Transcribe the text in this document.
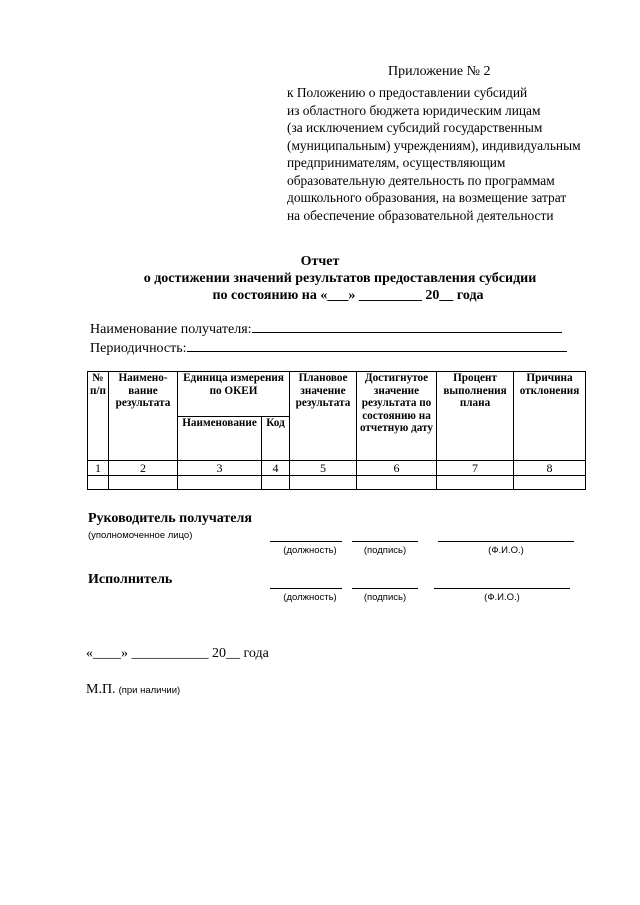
Приложение № 2
к Положению о предоставлении субсидий
из областного бюджета юридическим лицам
(за исключением субсидий государственным
(муниципальным) учреждениям), индивидуальным
предпринимателям, осуществляющим
образовательную деятельность по программам
дошкольного образования, на возмещение затрат
на обеспечение образовательной деятельности
Отчет
о достижении значений результатов предоставления субсидии
по состоянию на «___» _________ 20__ года
Наименование получателя:
Периодичность:
№ п/п	Наимено-вание результата	Единица измерения по ОКЕИ		Плановое значение результата	Достигнутое значение результата по состоянию на отчетную дату	Процент выполнения плана	Причина отклонения
		Наименование	Код				
1	2	3	4	5	6	7	8

Руководитель получателя
(уполномоченное лицо)
(должность)	(подпись)	(Ф.И.О.)
Исполнитель
(должность)	(подпись)	(Ф.И.О.)
«____» ___________ 20__ года
М.П. (при наличии)
